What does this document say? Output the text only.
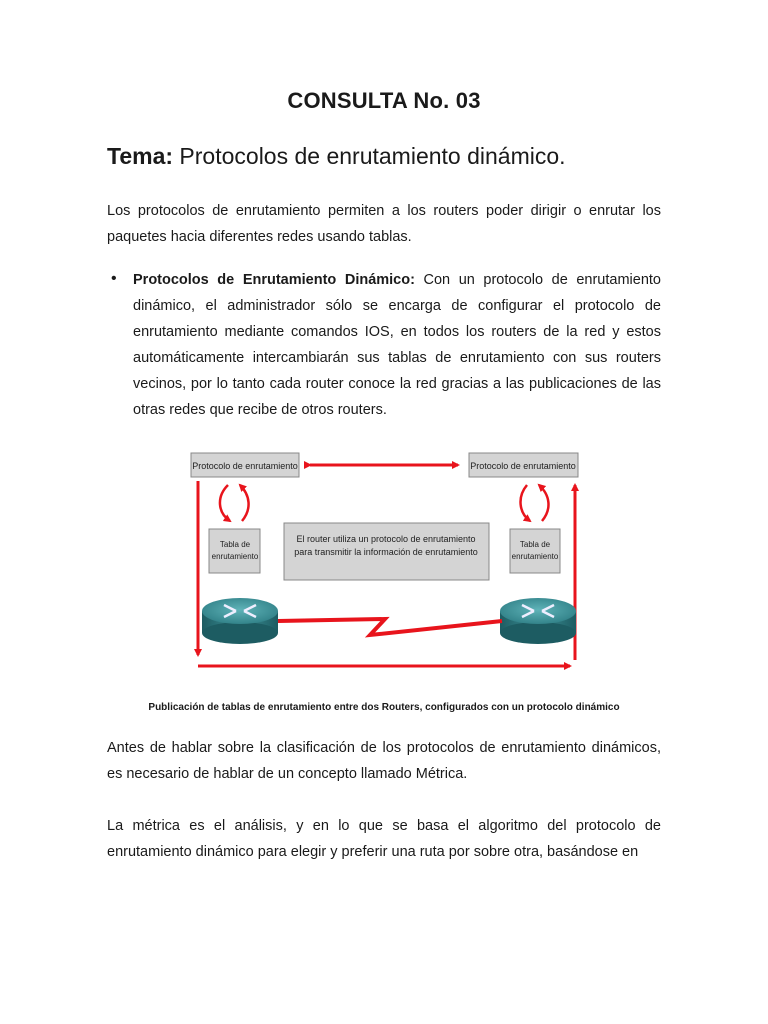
CONSULTA No. 03
Tema: Protocolos de enrutamiento dinámico.
Los protocolos de enrutamiento permiten a los routers poder dirigir o enrutar los paquetes hacia diferentes redes usando tablas.
• Protocolos de Enrutamiento Dinámico: Con un protocolo de enrutamiento dinámico, el administrador sólo se encarga de configurar el protocolo de enrutamiento mediante comandos IOS, en todos los routers de la red y estos automáticamente intercambiarán sus tablas de enrutamiento con sus routers vecinos, por lo tanto cada router conoce la red gracias a las publicaciones de las otras redes que recibe de otros routers.
Protocolo de enrutamiento	Protocolo de enrutamiento
Tabla de
enrutamiento
Tabla de
enrutamiento
El router utiliza un protocolo de enrutamiento
para transmitir la información de enrutamiento
Publicación de tablas de enrutamiento entre dos Routers, configurados con un protocolo dinámico
Antes de hablar sobre la clasificación de los protocolos de enrutamiento dinámicos, es necesario de hablar de un concepto llamado Métrica.
La métrica es el análisis, y en lo que se basa el algoritmo del protocolo de enrutamiento dinámico para elegir y preferir una ruta por sobre otra, basándose en
